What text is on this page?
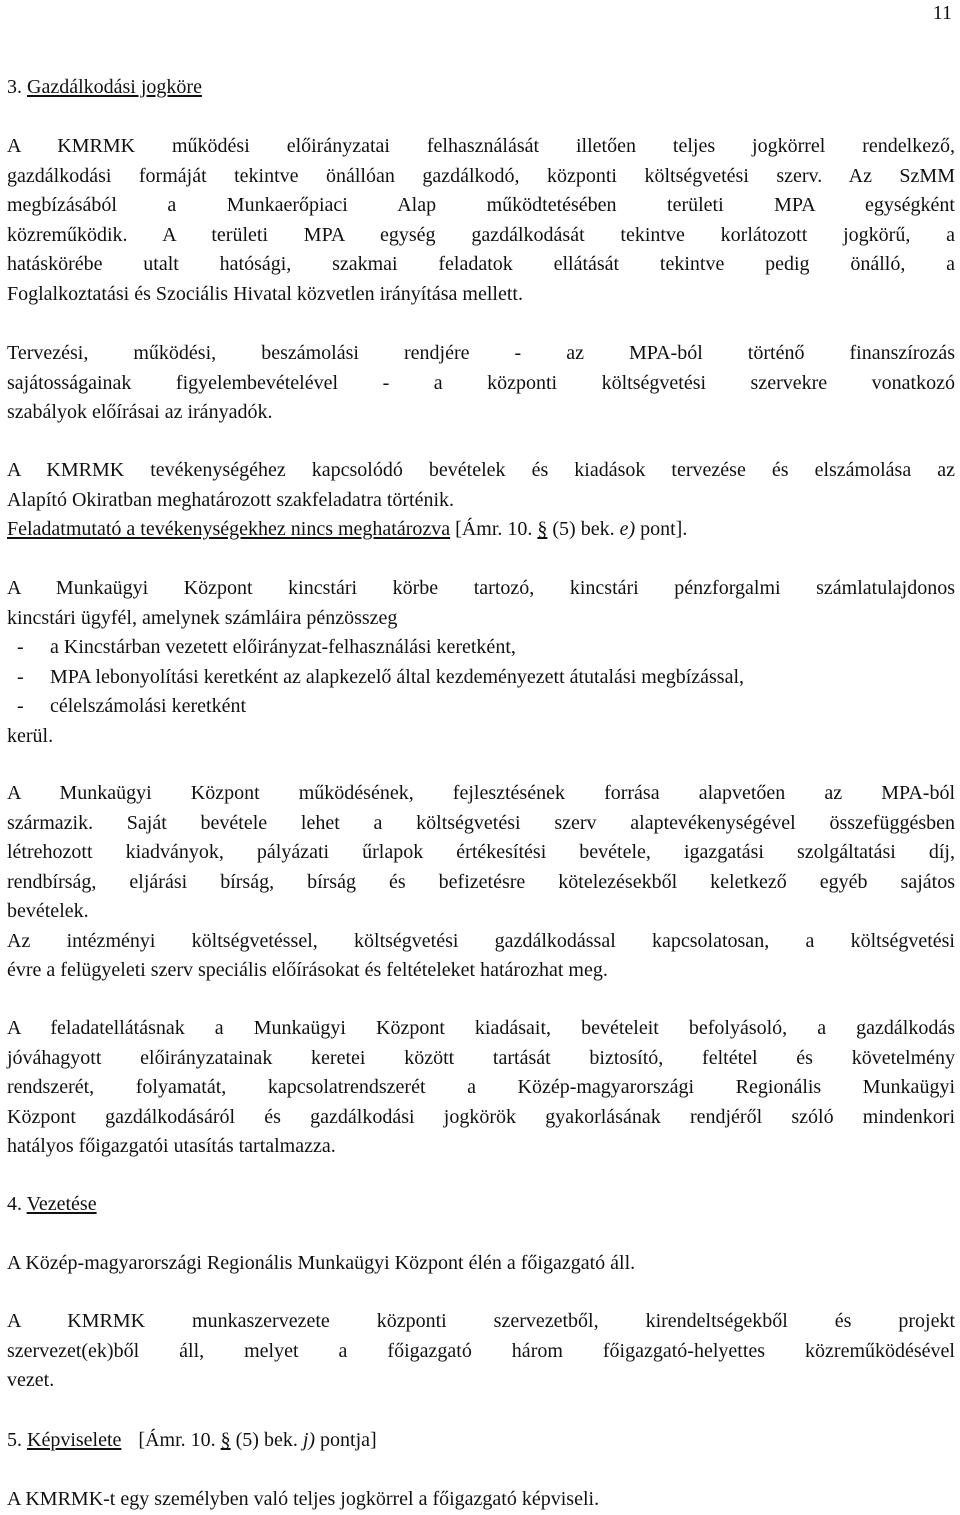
11
3. Gazdálkodási jogköre
A KMRMK működési előirányzatai felhasználását illetően teljes jogkörrel rendelkező,
gazdálkodási formáját tekintve önállóan gazdálkodó, központi költségvetési szerv. Az SzMM
megbízásából a Munkaerőpiaci Alap működtetésében területi MPA egységként
közreműködik. A területi MPA egység gazdálkodását tekintve korlátozott jogkörű, a
hatáskörébe utalt hatósági, szakmai feladatok ellátását tekintve pedig önálló, a
Foglalkoztatási és Szociális Hivatal közvetlen irányítása mellett.
Tervezési, működési, beszámolási rendjére - az MPA-ból történő finanszírozás
sajátosságainak figyelembevételével - a központi költségvetési szervekre vonatkozó
szabályok előírásai az irányadók.
A KMRMK tevékenységéhez kapcsolódó bevételek és kiadások tervezése és elszámolása az
Alapító Okiratban meghatározott szakfeladatra történik.
Feladatmutató a tevékenységekhez nincs meghatározva [Ámr. 10. § (5) bek. e) pont].
A Munkaügyi Központ kincstári körbe tartozó, kincstári pénzforgalmi számlatulajdonos
kincstári ügyfél, amelynek számláira pénzösszeg
- a Kincstárban vezetett előirányzat-felhasználási keretként,
- MPA lebonyolítási keretként az alapkezelő által kezdeményezett átutalási megbízással,
- célelszámolási keretként
kerül.
A Munkaügyi Központ működésének, fejlesztésének forrása alapvetően az MPA-ból
származik. Saját bevétele lehet a költségvetési szerv alaptevékenységével összefüggésben
létrehozott kiadványok, pályázati űrlapok értékesítési bevétele, igazgatási szolgáltatási díj,
rendbírság, eljárási bírság, bírság és befizetésre kötelezésekből keletkező egyéb sajátos
bevételek.
Az intézményi költségvetéssel, költségvetési gazdálkodással kapcsolatosan, a költségvetési
évre a felügyeleti szerv speciális előírásokat és feltételeket határozhat meg.
A feladatellátásnak a Munkaügyi Központ kiadásait, bevételeit befolyásoló, a gazdálkodás
jóváhagyott előirányzatainak keretei között tartását biztosító, feltétel és követelmény
rendszerét, folyamatát, kapcsolatrendszerét a Közép-magyarországi Regionális Munkaügyi
Központ gazdálkodásáról és gazdálkodási jogkörök gyakorlásának rendjéről szóló mindenkori
hatályos főigazgatói utasítás tartalmazza.
4. Vezetése
A Közép-magyarországi Regionális Munkaügyi Központ élén a főigazgató áll.
A KMRMK munkaszervezete központi szervezetből, kirendeltségekből és projekt
szervezet(ek)ből áll, melyet a főigazgató három főigazgató-helyettes közreműködésével
vezet.
5. Képviselete [Ámr. 10. § (5) bek. j) pontja]
A KMRMK-t egy személyben való teljes jogkörrel a főigazgató képviseli.
